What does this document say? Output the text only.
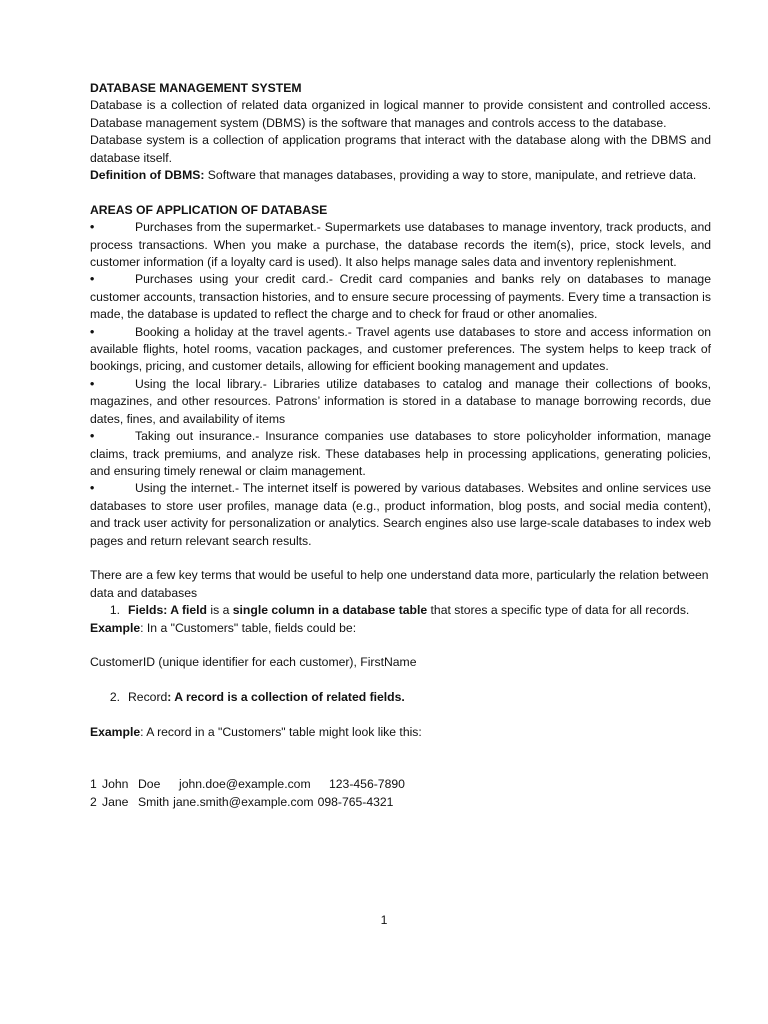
DATABASE MANAGEMENT SYSTEM

Database is a collection of related data organized in logical manner to provide consistent and controlled access. Database management system (DBMS) is the software that manages and controls access to the database.

Database system is a collection of application programs that interact with the database along with the DBMS and database itself.

Definition of DBMS: Software that manages databases, providing a way to store, manipulate, and retrieve data.

AREAS OF APPLICATION OF DATABASE

•	Purchases from the supermarket.- Supermarkets use databases to manage inventory, track products, and process transactions. When you make a purchase, the database records the item(s), price, stock levels, and customer information (if a loyalty card is used). It also helps manage sales data and inventory replenishment.

•	Purchases using your credit card.- Credit card companies and banks rely on databases to manage customer accounts, transaction histories, and to ensure secure processing of payments. Every time a transaction is made, the database is updated to reflect the charge and to check for fraud or other anomalies.

•	Booking a holiday at the travel agents.- Travel agents use databases to store and access information on available flights, hotel rooms, vacation packages, and customer preferences. The system helps to keep track of bookings, pricing, and customer details, allowing for efficient booking management and updates.

•	Using the local library.- Libraries utilize databases to catalog and manage their collections of books, magazines, and other resources. Patrons’ information is stored in a database to manage borrowing records, due dates, fines, and availability of items

•	Taking out insurance.- Insurance companies use databases to store policyholder information, manage claims, track premiums, and analyze risk. These databases help in processing applications, generating policies, and ensuring timely renewal or claim management.

•	Using the internet.- The internet itself is powered by various databases. Websites and online services use databases to store user profiles, manage data (e.g., product information, blog posts, and social media content), and track user activity for personalization or analytics. Search engines also use large-scale databases to index web pages and return relevant search results.

There are a few key terms that would be useful to help one understand data more, particularly the relation between data and databases

1. Fields: A field is a single column in a database table that stores a specific type of data for all records.

Example: In a "Customers" table, fields could be:

CustomerID (unique identifier for each customer), FirstName

2. Record: A record is a collection of related fields.

Example: A record in a "Customers" table might look like this:

1 John Doe	john.doe@example.com	123-456-7890
2 Jane Smith jane.smith@example.com 098-765-4321
1
